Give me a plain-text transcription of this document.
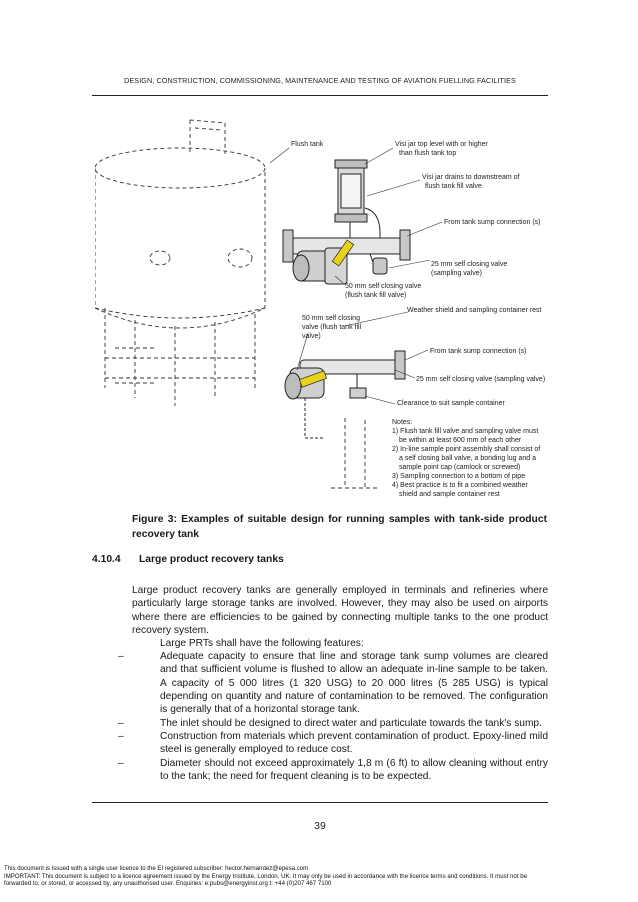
DESIGN, CONSTRUCTION, COMMISSIONING, MAINTENANCE AND TESTING OF AVIATION FUELLING FACILITIES
Flush tank	Visi jar top level with or higher
than flush tank top
Visi jar drains to downstream of
flush tank fill valve
From tank sump connection (s)
25 mm self closing valve
(sampling valve)
50 mm self closing valve
(flush tank fill valve)
Weather shield and sampling container rest
50 mm self closing
valve (flush tank fill
valve)
From tank sump connection (s)
25 mm self closing valve (sampling valve)
Clearance to suit sample container
Notes:
1) Flush tank fill valve and sampling valve must
be within at least 600 mm of each other
2) In-line sample point assembly shall consist of
a self closing ball valve, a bonding lug and a
sample point cap (camlock or screwed)
3) Sampling connection to a bottom of pipe
4) Best practice is to fit a combined weather
shield and sample container rest
Figure 3: Examples of suitable design for running samples with tank-side product recovery tank
4.10.4 Large product recovery tanks
Large product recovery tanks are generally employed in terminals and refineries where particularly large storage tanks are involved. However, they may also be used on airports where there are efficiencies to be gained by connecting multiple tanks to the one product recovery system.
Large PRTs shall have the following features:
–	Adequate capacity to ensure that line and storage tank sump volumes are cleared and that sufficient volume is flushed to allow an adequate in-line sample to be taken. A capacity of 5 000 litres (1 320 USG) to 20 000 litres (5 285 USG) is typical depending on quantity and nature of contamination to be removed. The configuration is generally that of a horizontal storage tank.
–	The inlet should be designed to direct water and particulate towards the tank's sump.
–	Construction from materials which prevent contamination of product. Epoxy-lined mild steel is generally employed to reduce cost.
–	Diameter should not exceed approximately 1,8 m (6 ft) to allow cleaning without entry to the tank; the need for frequent cleaning is to be expected.
39
This document is issued with a single user licence to the EI registered subscriber: hector.hernandez@epesa.com
IMPORTANT: This document is subject to a licence agreement issued by the Energy Institute, London, UK. It may only be used in accordance with the licence terms and conditions. It must not be
forwarded to, or stored, or accessed by, any unauthorised user. Enquiries: e:pubs@energyinst.org t: +44 (0)207 467 7100
